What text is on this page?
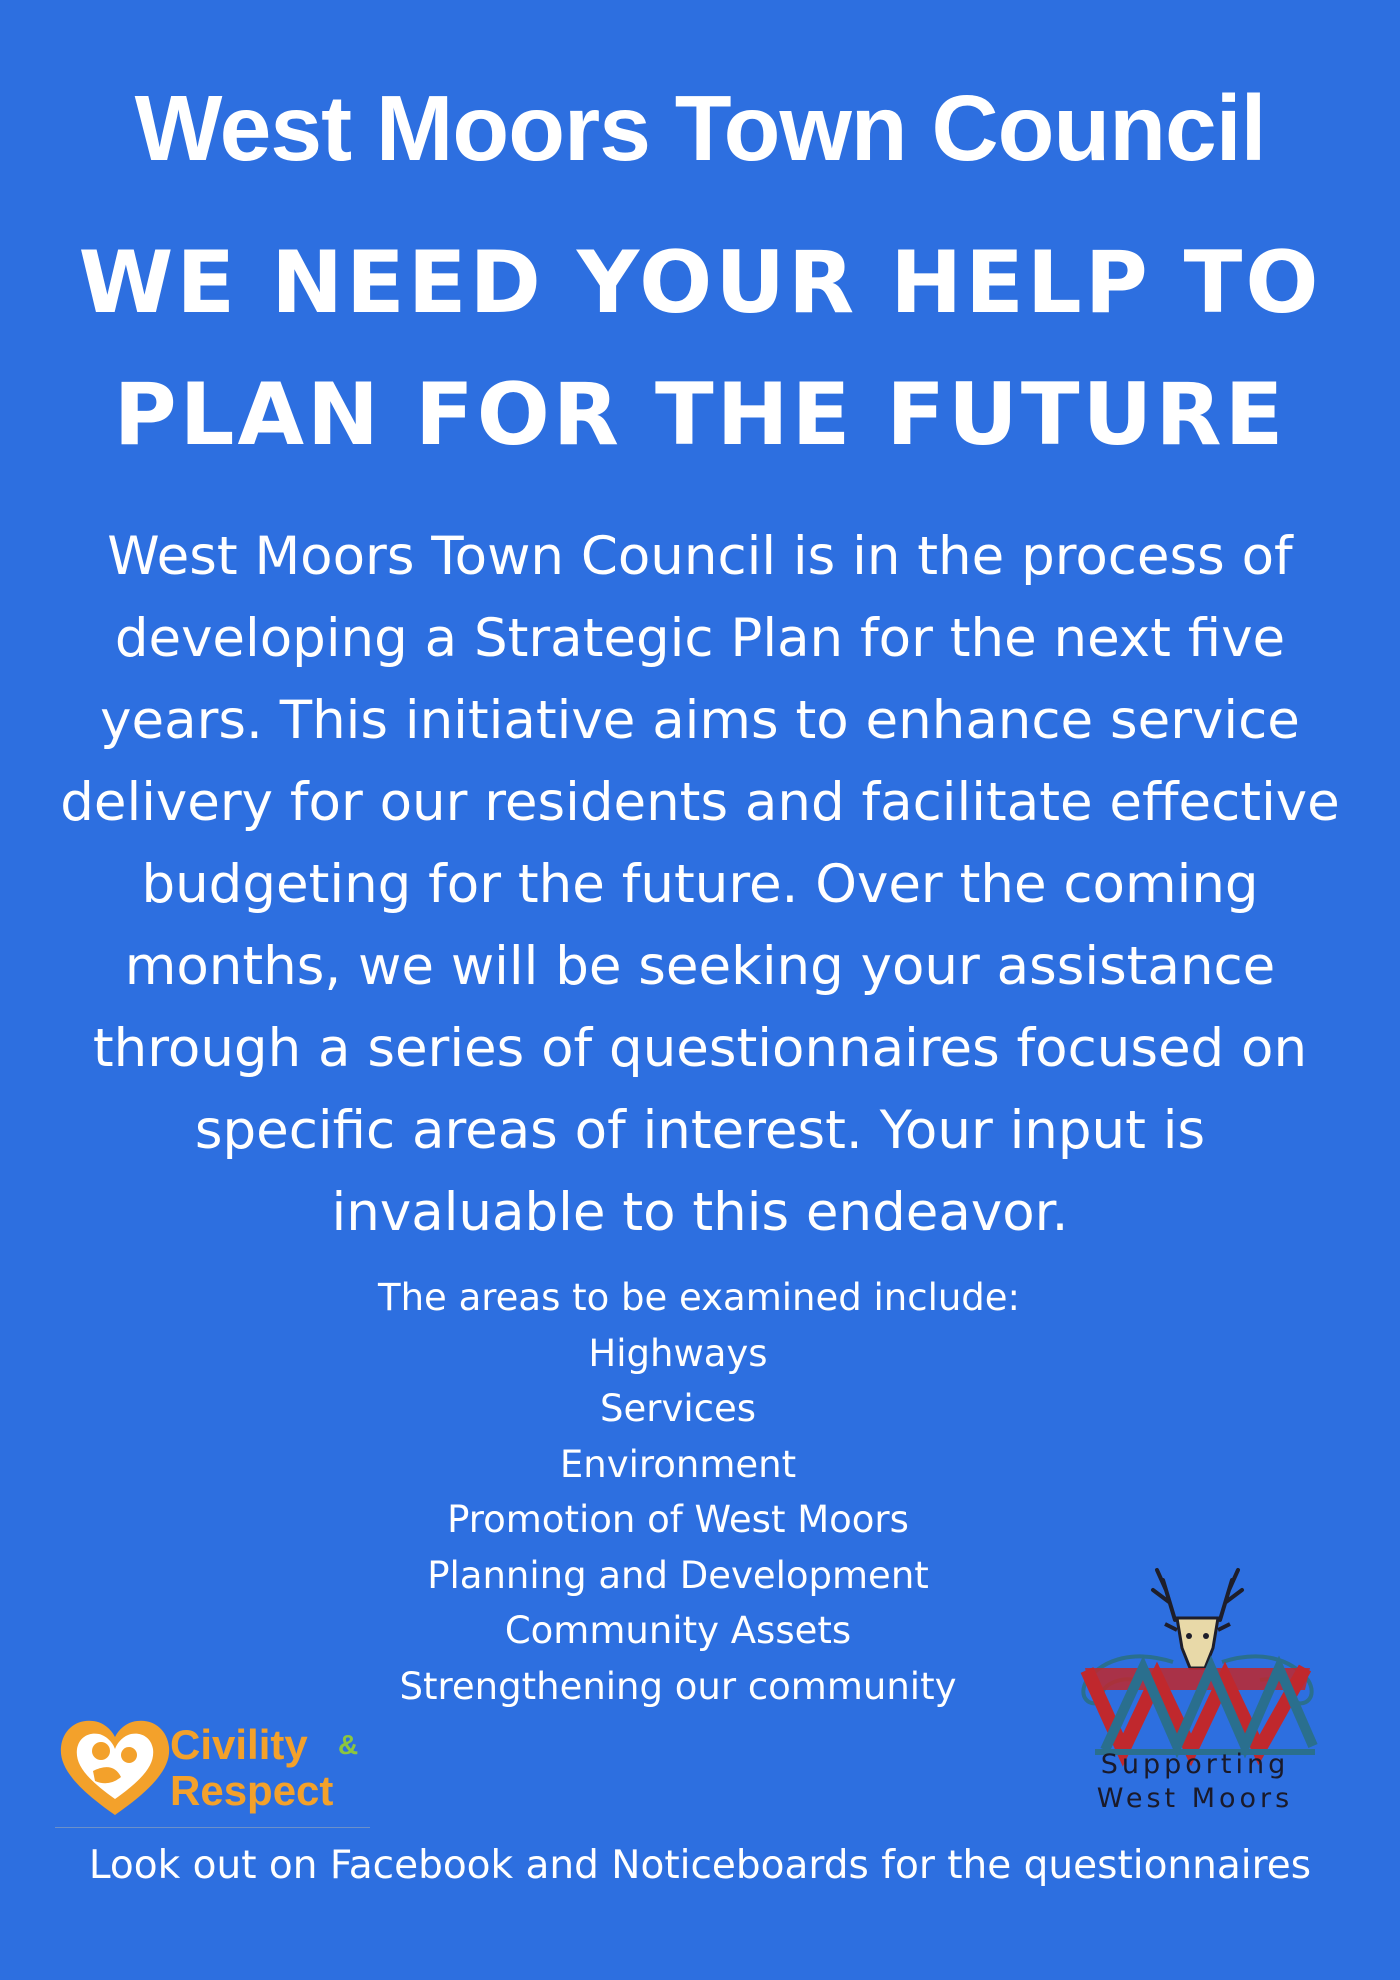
West Moors Town Council
WE NEED YOUR HELP TO
PLAN FOR THE FUTURE
West Moors Town Council is in the process of
developing a Strategic Plan for the next five
years. This initiative aims to enhance service
delivery for our residents and facilitate effective
budgeting for the future. Over the coming
months, we will be seeking your assistance
through a series of questionnaires focused on
specific areas of interest. Your input is
invaluable to this endeavor.
The areas to be examined include:
Highways
Services
Environment
Promotion of West Moors
Planning and Development
Community Assets
Strengthening our community
Civility &
Respect
Supporting
West Moors
Look out on Facebook and Noticeboards for the questionnaires
